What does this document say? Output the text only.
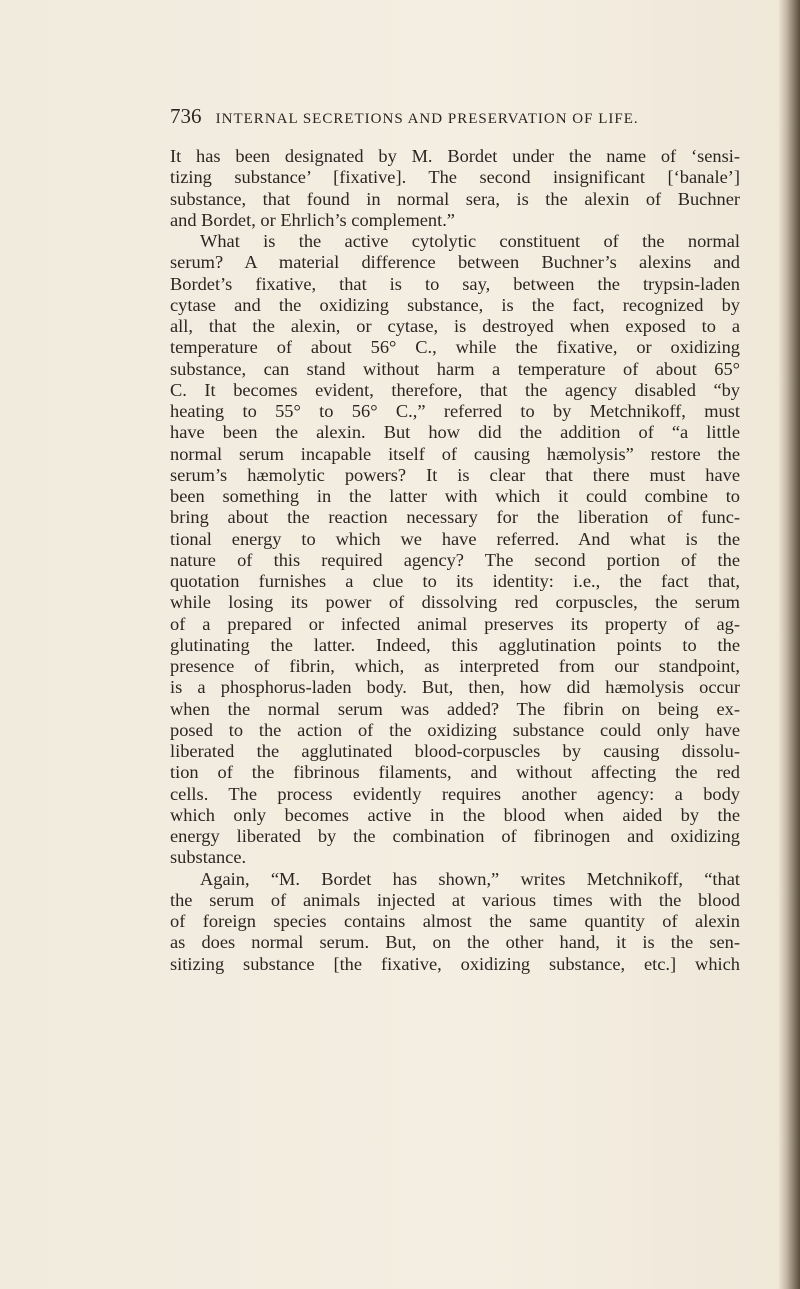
736 INTERNAL SECRETIONS AND PRESERVATION OF LIFE.
It has been designated by M. Bordet under the name of ‘sensi-
tizing substance’ [fixative]. The second insignificant [‘banale’]
substance, that found in normal sera, is the alexin of Buchner
and Bordet, or Ehrlich’s complement.”
What is the active cytolytic constituent of the normal
serum? A material difference between Buchner’s alexins and
Bordet’s fixative, that is to say, between the trypsin-laden
cytase and the oxidizing substance, is the fact, recognized by
all, that the alexin, or cytase, is destroyed when exposed to a
temperature of about 56° C., while the fixative, or oxidizing
substance, can stand without harm a temperature of about 65°
C. It becomes evident, therefore, that the agency disabled “by
heating to 55° to 56° C.,” referred to by Metchnikoff, must
have been the alexin. But how did the addition of “a little
normal serum incapable itself of causing hæmolysis” restore the
serum’s hæmolytic powers? It is clear that there must have
been something in the latter with which it could combine to
bring about the reaction necessary for the liberation of func-
tional energy to which we have referred. And what is the
nature of this required agency? The second portion of the
quotation furnishes a clue to its identity: i.e., the fact that,
while losing its power of dissolving red corpuscles, the serum
of a prepared or infected animal preserves its property of ag-
glutinating the latter. Indeed, this agglutination points to the
presence of fibrin, which, as interpreted from our standpoint,
is a phosphorus-laden body. But, then, how did hæmolysis occur
when the normal serum was added? The fibrin on being ex-
posed to the action of the oxidizing substance could only have
liberated the agglutinated blood-corpuscles by causing dissolu-
tion of the fibrinous filaments, and without affecting the red
cells. The process evidently requires another agency: a body
which only becomes active in the blood when aided by the
energy liberated by the combination of fibrinogen and oxidizing
substance.
Again, “M. Bordet has shown,” writes Metchnikoff, “that
the serum of animals injected at various times with the blood
of foreign species contains almost the same quantity of alexin
as does normal serum. But, on the other hand, it is the sen-
sitizing substance [the fixative, oxidizing substance, etc.] which
